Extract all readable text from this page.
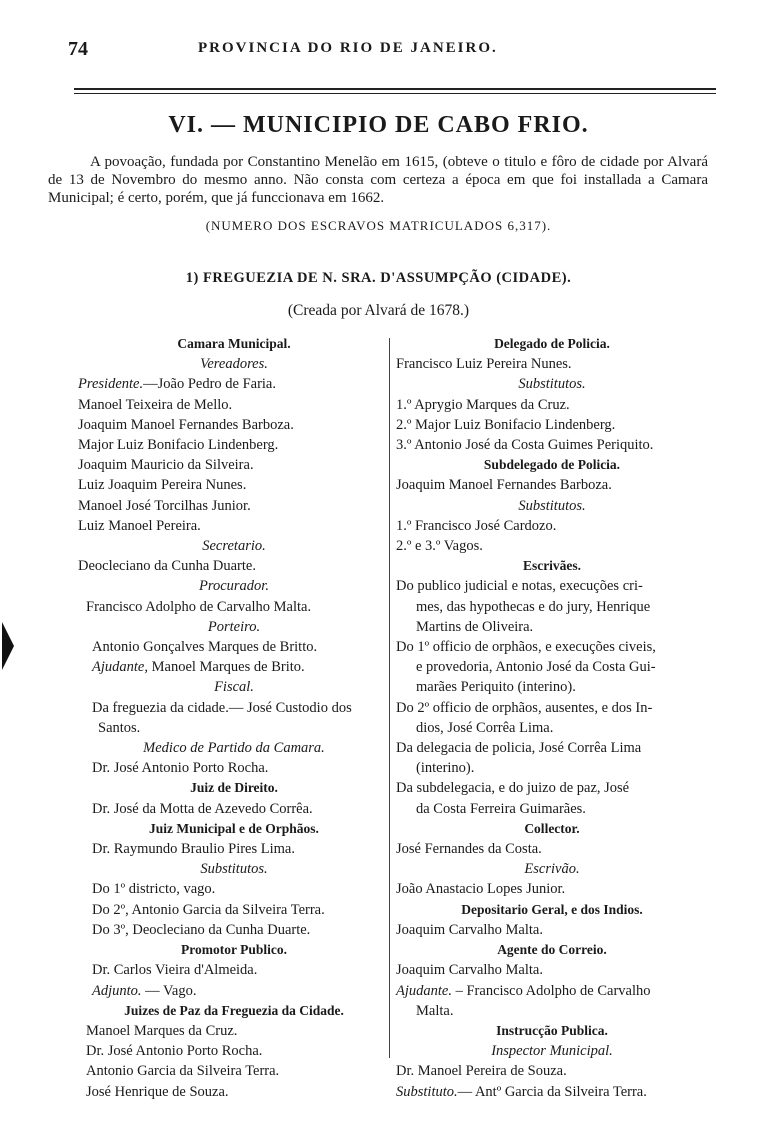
74	PROVINCIA DO RIO DE JANEIRO.
VI. — MUNICIPIO DE CABO FRIO.

A povoação, fundada por Constantino Menelão em 1615, (obteve o titulo e fôro de cidade por Alvará de 13 de Novembro do mesmo anno. Não consta com certeza a época em que foi installada a Camara Municipal; é certo, porém, que já funccionava em 1662.

(NUMERO DOS ESCRAVOS MATRICULADOS 6,317).
1) FREGUEZIA DE N. SRA. D'ASSUMPÇÃO (CIDADE).
(Creada por Alvará de 1678.)
Camara Municipal.
Vereadores.
Presidente.—João Pedro de Faria.
Manoel Teixeira de Mello.
Joaquim Manoel Fernandes Barboza.
Major Luiz Bonifacio Lindenberg.
Joaquim Mauricio da Silveira.
Luiz Joaquim Pereira Nunes.
Manoel José Torcilhas Junior.
Luiz Manoel Pereira.
Secretario.
Deocleciano da Cunha Duarte.
Procurador.
Francisco Adolpho de Carvalho Malta.
Porteiro.
Antonio Gonçalves Marques de Britto.
Ajudante, Manoel Marques de Brito.
Fiscal.
Da freguezia da cidade.— José Custodio dos
Santos.
Medico de Partido da Camara.
Dr. José Antonio Porto Rocha.
Juiz de Direito.
Dr. José da Motta de Azevedo Corrêa.
Juiz Municipal e de Orphãos.
Dr. Raymundo Braulio Pires Lima.
Substitutos.
Do 1º districto, vago.
Do 2º, Antonio Garcia da Silveira Terra.
Do 3º, Deocleciano da Cunha Duarte.
Promotor Publico.
Dr. Carlos Vieira d'Almeida.
Adjunto. — Vago.
Juizes de Paz da Freguezia da Cidade.
Manoel Marques da Cruz.
Dr. José Antonio Porto Rocha.
Antonio Garcia da Silveira Terra.
José Henrique de Souza.
Delegado de Policia.
Francisco Luiz Pereira Nunes.
Substitutos.
1.º Aprygio Marques da Cruz.
2.º Major Luiz Bonifacio Lindenberg.
3.º Antonio José da Costa Guimes Periquito.
Subdelegado de Policia.
Joaquim Manoel Fernandes Barboza.
Substitutos.
1.º Francisco José Cardozo.
2.º e 3.º Vagos.
Escrivães.
Do publico judicial e notas, execuções cri-
mes, das hypothecas e do jury, Henrique
Martins de Oliveira.
Do 1º officio de orphãos, e execuções civeis,
e provedoria, Antonio José da Costa Gui-
marães Periquito (interino).
Do 2º officio de orphãos, ausentes, e dos In-
dios, José Corrêa Lima.
Da delegacia de policia, José Corrêa Lima
(interino).
Da subdelegacia, e do juizo de paz, José
da Costa Ferreira Guimarães.
Collector.
José Fernandes da Costa.
Escrivão.
João Anastacio Lopes Junior.
Depositario Geral, e dos Indios.
Joaquim Carvalho Malta.
Agente do Correio.
Joaquim Carvalho Malta.
Ajudante. – Francisco Adolpho de Carvalho
Malta.
Instrucção Publica.
Inspector Municipal.
Dr. Manoel Pereira de Souza.
Substituto.— Antº Garcia da Silveira Terra.
